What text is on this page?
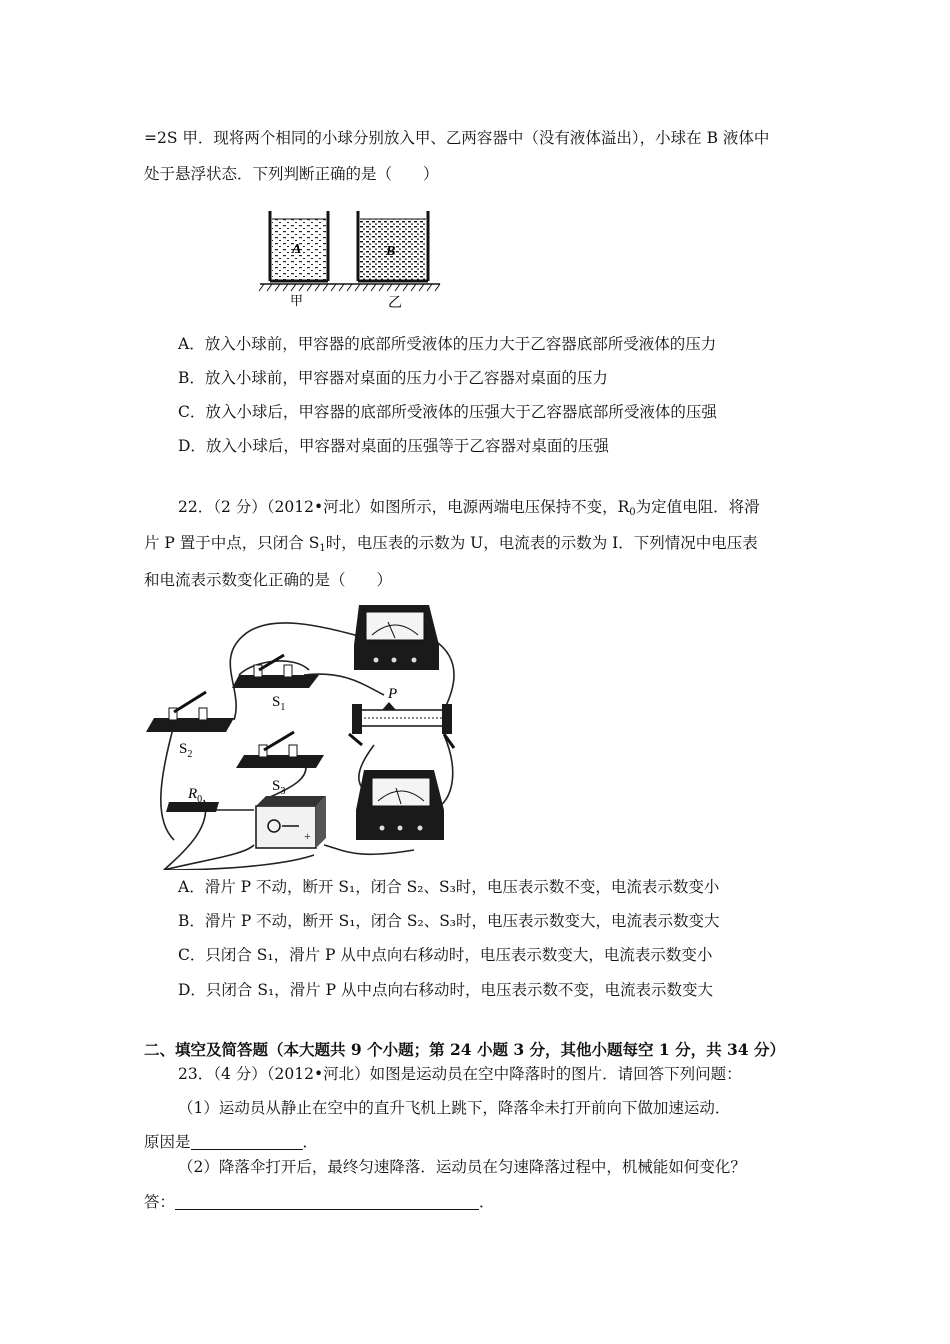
=2S 甲．现将两个相同的小球分别放入甲、乙两容器中（没有液体溢出），小球在 B 液体中
处于悬浮状态．下列判断正确的是（　　）
A	B
甲	乙
A．放入小球前，甲容器的底部所受液体的压力大于乙容器底部所受液体的压力
B．放入小球前，甲容器对桌面的压力小于乙容器对桌面的压力
C．放入小球后，甲容器的底部所受液体的压强大于乙容器底部所受液体的压强
D．放入小球后，甲容器对桌面的压强等于乙容器对桌面的压强
22．（2 分）（2012•河北）如图所示，电源两端电压保持不变，$R_0$为定值电阻．将滑
片 P 置于中点，只闭合 $S_1$时，电压表的示数为 U，电流表的示数为 I．下列情况中电压表
和电流表示数变化正确的是（　　）
+
$S_1$
$S_2$
$S_3$
$R_0$
P
A．滑片 P 不动，断开 S₁，闭合 S₂、S₃时，电压表示数不变，电流表示数变小
B．滑片 P 不动，断开 S₁，闭合 S₂、S₃时，电压表示数变大，电流表示数变大
C．只闭合 S₁，滑片 P 从中点向右移动时，电压表示数变大，电流表示数变小
D．只闭合 S₁，滑片 P 从中点向右移动时，电压表示数不变，电流表示数变大
二、填空及简答题（本大题共 9 个小题；第 24 小题 3 分，其他小题每空 1 分，共 34 分）
23．（4 分）（2012•河北）如图是运动员在空中降落时的图片．请回答下列问题：
（1）运动员从静止在空中的直升飞机上跳下，降落伞未打开前向下做加速运动．
原因是	．
（2）降落伞打开后，最终匀速降落．运动员在匀速降落过程中，机械能如何变化？
答：	．
